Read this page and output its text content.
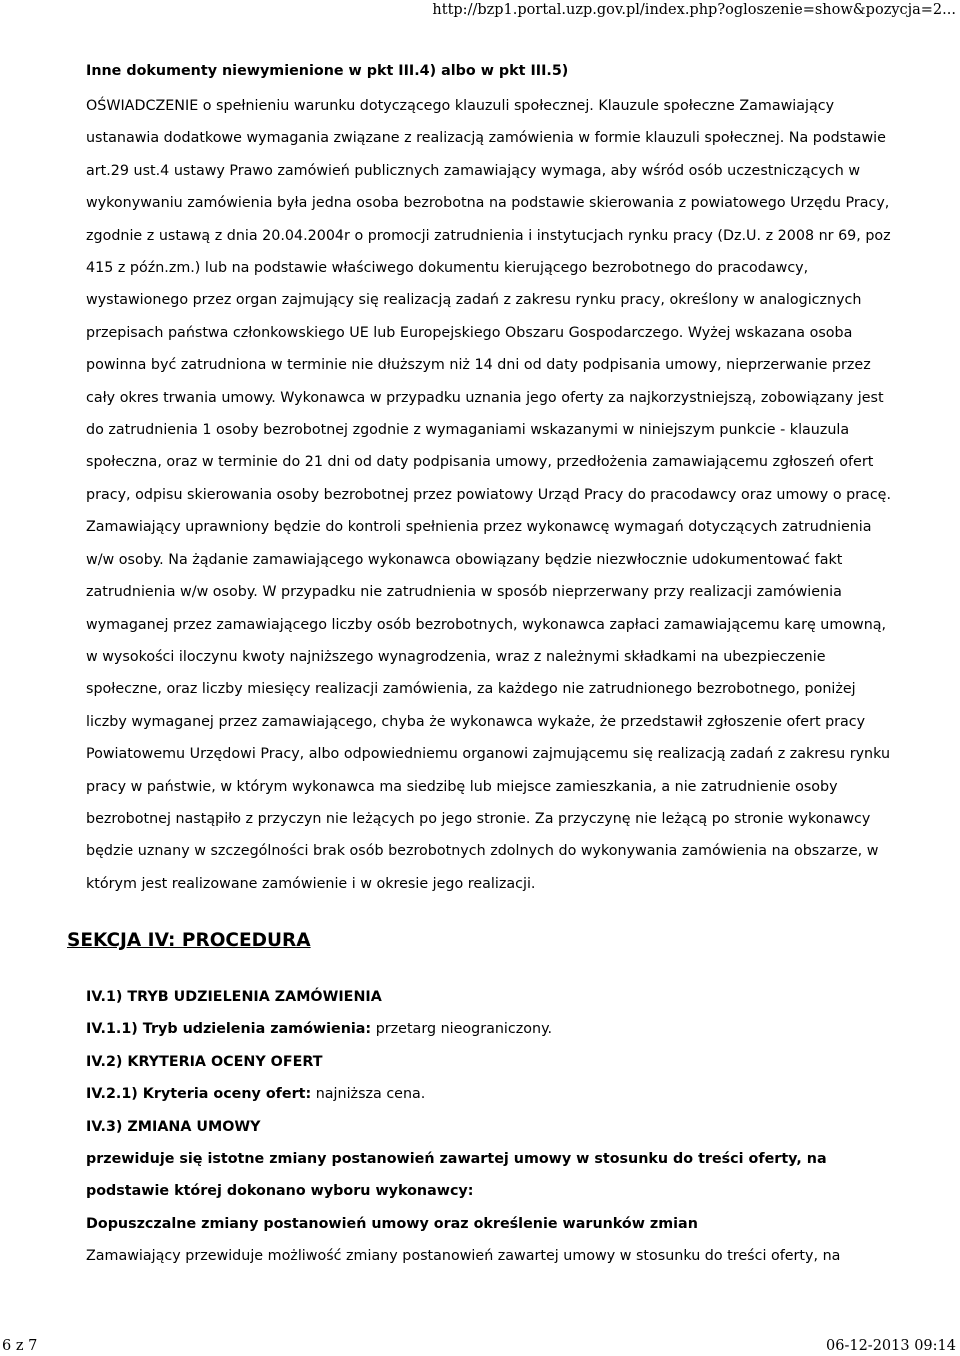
http://bzp1.portal.uzp.gov.pl/index.php?ogloszenie=show&pozycja=2...
Inne dokumenty niewymienione w pkt III.4) albo w pkt III.5)

OŚWIADCZENIE o spełnieniu warunku dotyczącego klauzuli społecznej. Klauzule społeczne Zamawiający ustanawia dodatkowe wymagania związane z realizacją zamówienia w formie klauzuli społecznej. Na podstawie art.29 ust.4 ustawy Prawo zamówień publicznych zamawiający wymaga, aby wśród osób uczestniczących w wykonywaniu zamówienia była jedna osoba bezrobotna na podstawie skierowania z powiatowego Urzędu Pracy, zgodnie z ustawą z dnia 20.04.2004r o promocji zatrudnienia i instytucjach rynku pracy (Dz.U. z 2008 nr 69, poz 415 z późn.zm.) lub na podstawie właściwego dokumentu kierującego bezrobotnego do pracodawcy, wystawionego przez organ zajmujący się realizacją zadań z zakresu rynku pracy, określony w analogicznych przepisach państwa członkowskiego UE lub Europejskiego Obszaru Gospodarczego. Wyżej wskazana osoba powinna być zatrudniona w terminie nie dłuższym niż 14 dni od daty podpisania umowy, nieprzerwanie przez cały okres trwania umowy. Wykonawca w przypadku uznania jego oferty za najkorzystniejszą, zobowiązany jest do zatrudnienia 1 osoby bezrobotnej zgodnie z wymaganiami wskazanymi w niniejszym punkcie - klauzula społeczna, oraz w terminie do 21 dni od daty podpisania umowy, przedłożenia zamawiającemu zgłoszeń ofert pracy, odpisu skierowania osoby bezrobotnej przez powiatowy Urząd Pracy do pracodawcy oraz umowy o pracę. Zamawiający uprawniony będzie do kontroli spełnienia przez wykonawcę wymagań dotyczących zatrudnienia w/w osoby. Na żądanie zamawiającego wykonawca obowiązany będzie niezwłocznie udokumentować fakt zatrudnienia w/w osoby. W przypadku nie zatrudnienia w sposób nieprzerwany przy realizacji zamówienia wymaganej przez zamawiającego liczby osób bezrobotnych, wykonawca zapłaci zamawiającemu karę umowną, w wysokości iloczynu kwoty najniższego wynagrodzenia, wraz z należnymi składkami na ubezpieczenie społeczne, oraz liczby miesięcy realizacji zamówienia, za każdego nie zatrudnionego bezrobotnego, poniżej liczby wymaganej przez zamawiającego, chyba że wykonawca wykaże, że przedstawił zgłoszenie ofert pracy Powiatowemu Urzędowi Pracy, albo odpowiedniemu organowi zajmującemu się realizacją zadań z zakresu rynku pracy w państwie, w którym wykonawca ma siedzibę lub miejsce zamieszkania, a nie zatrudnienie osoby bezrobotnej nastąpiło z przyczyn nie leżących po jego stronie. Za przyczynę nie leżącą po stronie wykonawcy będzie uznany w szczególności brak osób bezrobotnych zdolnych do wykonywania zamówienia na obszarze, w którym jest realizowane zamówienie i w okresie jego realizacji.

SEKCJA IV: PROCEDURA
IV.1) TRYB UDZIELENIA ZAMÓWIENIA
IV.1.1) Tryb udzielenia zamówienia: przetarg nieograniczony.
IV.2) KRYTERIA OCENY OFERT
IV.2.1) Kryteria oceny ofert: najniższa cena.
IV.3) ZMIANA UMOWY
przewiduje się istotne zmiany postanowień zawartej umowy w stosunku do treści oferty, na podstawie której dokonano wyboru wykonawcy:
Dopuszczalne zmiany postanowień umowy oraz określenie warunków zmian
Zamawiający przewiduje możliwość zmiany postanowień zawartej umowy w stosunku do treści oferty, na
6 z 7	06-12-2013 09:14
